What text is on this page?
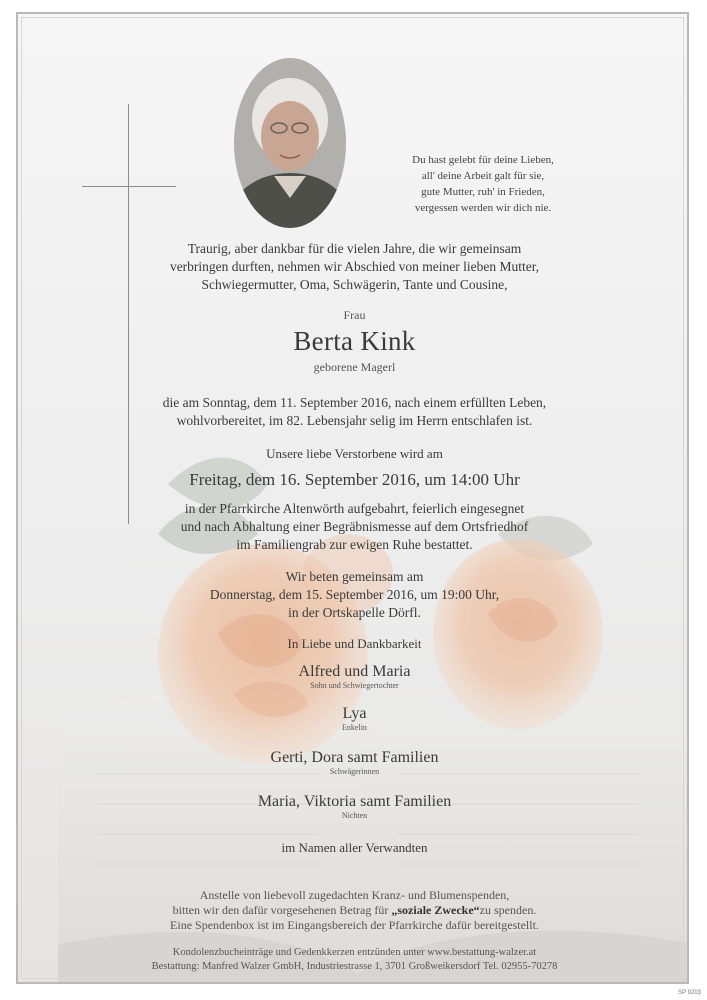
Du hast gelebt für deine Lieben,
all' deine Arbeit galt für sie,
gute Mutter, ruh' in Frieden,
vergessen werden wir dich nie.
Traurig, aber dankbar für die vielen Jahre, die wir gemeinsam
verbringen durften, nehmen wir Abschied von meiner lieben Mutter,
Schwiegermutter, Oma, Schwägerin, Tante und Cousine,
Frau
Berta Kink
geborene Magerl
die am Sonntag, dem 11. September 2016, nach einem erfüllten Leben,
wohlvorbereitet, im 82. Lebensjahr selig im Herrn entschlafen ist.
Unsere liebe Verstorbene wird am
Freitag, dem 16. September 2016, um 14:00 Uhr
in der Pfarrkirche Altenwörth aufgebahrt, feierlich eingesegnet
und nach Abhaltung einer Begräbnismesse auf dem Ortsfriedhof
im Familiengrab zur ewigen Ruhe bestattet.
Wir beten gemeinsam am
Donnerstag, dem 15. September 2016, um 19:00 Uhr,
in der Ortskapelle Dörfl.
In Liebe und Dankbarkeit
Alfred und Maria
Sohn und Schwiegertochter
Lya
Enkelin
Gerti, Dora samt Familien
Schwägerinnen
Maria, Viktoria samt Familien
Nichten
im Namen aller Verwandten
Anstelle von liebevoll zugedachten Kranz- und Blumenspenden,
bitten wir den dafür vorgesehenen Betrag für „soziale Zwecke“zu spenden.
Eine Spendenbox ist im Eingangsbereich der Pfarrkirche dafür bereitgestellt.
Kondolenzbucheinträge und Gedenkkerzen entzünden unter www.bestattung-walzer.at
Bestattung: Manfred Walzer GmbH, Industriestrasse 1, 3701 Großweikersdorf Tel. 02955-70278
SP 9203
